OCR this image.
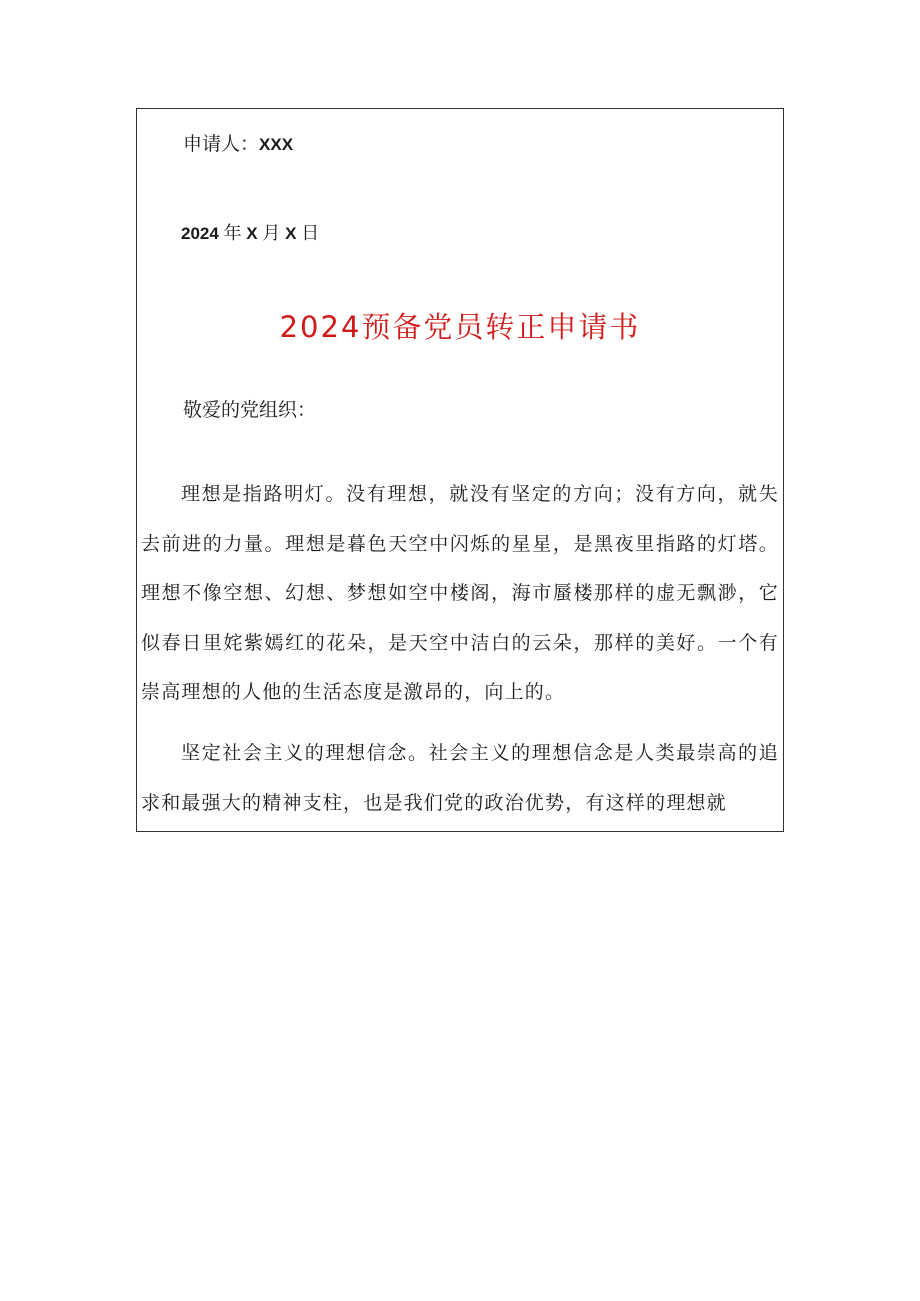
申请人：XXX
2024 年 X 月 X 日
2024预备党员转正申请书
敬爱的党组织：

理想是指路明灯。没有理想，就没有坚定的方向；没有方向，就失去前进的力量。理想是暮色天空中闪烁的星星，是黑夜里指路的灯塔。理想不像空想、幻想、梦想如空中楼阁，海市蜃楼那样的虚无飘渺，它似春日里姹紫嫣红的花朵，是天空中洁白的云朵，那样的美好。一个有崇高理想的人他的生活态度是激昂的，向上的。

坚定社会主义的理想信念。社会主义的理想信念是人类最崇高的追求和最强大的精神支柱，也是我们党的政治优势，有这样的理想就
